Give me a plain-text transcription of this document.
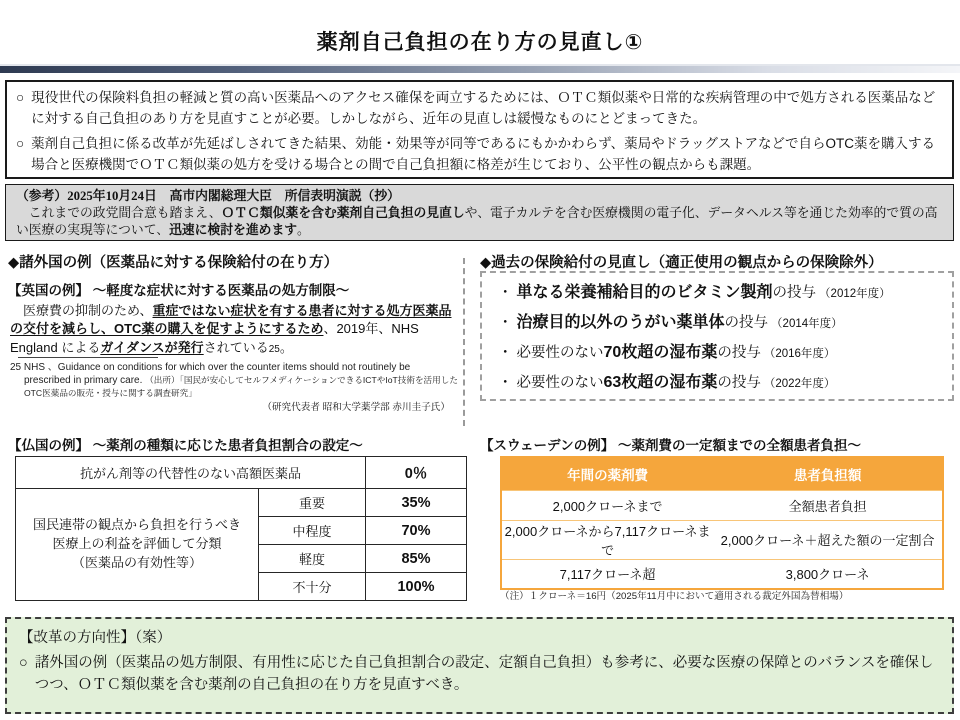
薬剤自己負担の在り方の見直し①
○ 現役世代の保険料負担の軽減と質の高い医薬品へのアクセス確保を両立するためには、ＯＴＣ類似薬や日常的な疾病管理の中で処方される医薬品などに対する自己負担のあり方を見直すことが必要。しかしながら、近年の見直しは緩慢なものにとどまってきた。
○ 薬剤自己負担に係る改革が先延ばしされてきた結果、効能・効果等が同等であるにもかかわらず、薬局やドラッグストアなどで自らOTC薬を購入する場合と医療機関でＯＴＣ類似薬の処方を受ける場合との間で自己負担額に格差が生じており、公平性の観点からも課題。
（参考）2025年10月24日　高市内閣総理大臣　所信表明演説（抄）
　これまでの政党間合意も踏まえ、ＯＴＣ類似薬を含む薬剤自己負担の見直しや、電子カルテを含む医療機関の電子化、データヘルス等を通じた効率的で質の高い医療の実現等について、迅速に検討を進めます。
◆諸外国の例（医薬品に対する保険給付の在り方）
【英国の例】 ～軽度な症状に対する医薬品の処方制限～
　医療費の抑制のため、重症ではない症状を有する患者に対する処方医薬品の交付を減らし、OTC薬の購入を促すようにするため、2019年、NHS England によるガイダンスが発行されている25。
25 NHS 、Guidance on conditions for which over the counter items should not routinely be prescribed in primary care. （出所）「国民が安心してセルフメディケーションできるICTやIoT技術を活用したOTC医薬品の販売・授与に関する調査研究」
（研究代表者 昭和大学薬学部 赤川圭子氏）
【仏国の例】 ～薬剤の種類に応じた患者負担割合の設定～
抗がん剤等の代替性のない高額医薬品		0％

国民連帯の観点から負担を行うべき
医療上の利益を評価して分類
（医薬品の有効性等）	重要	35%
	中程度	70%
	軽度	85%
	不十分	100%
◆過去の保険給付の見直し（適正使用の観点からの保険除外）
・ 単なる栄養補給目的のビタミン製剤の投与 （2012年度）
・ 治療目的以外のうがい薬単体の投与 （2014年度）
・ 必要性のない70枚超の湿布薬の投与 （2016年度）
・ 必要性のない63枚超の湿布薬の投与 （2022年度）
【スウェーデンの例】 ～薬剤費の一定額までの全額患者負担～
年間の薬剤費	患者負担額
2,000クローネまで	全額患者負担
2,000クローネから7,117クローネまで	2,000クローネ＋超えた額の一定割合
7,117クローネ超	3,800クローネ
（注）１クローネ＝16円（2025年11月中において適用される裁定外国為替相場）
【改革の方向性】（案）
○ 諸外国の例（医薬品の処方制限、有用性に応じた自己負担割合の設定、定額自己負担）も参考に、必要な医療の保障とのバランスを確保しつつ、ＯＴＣ類似薬を含む薬剤の自己負担の在り方を見直すべき。
